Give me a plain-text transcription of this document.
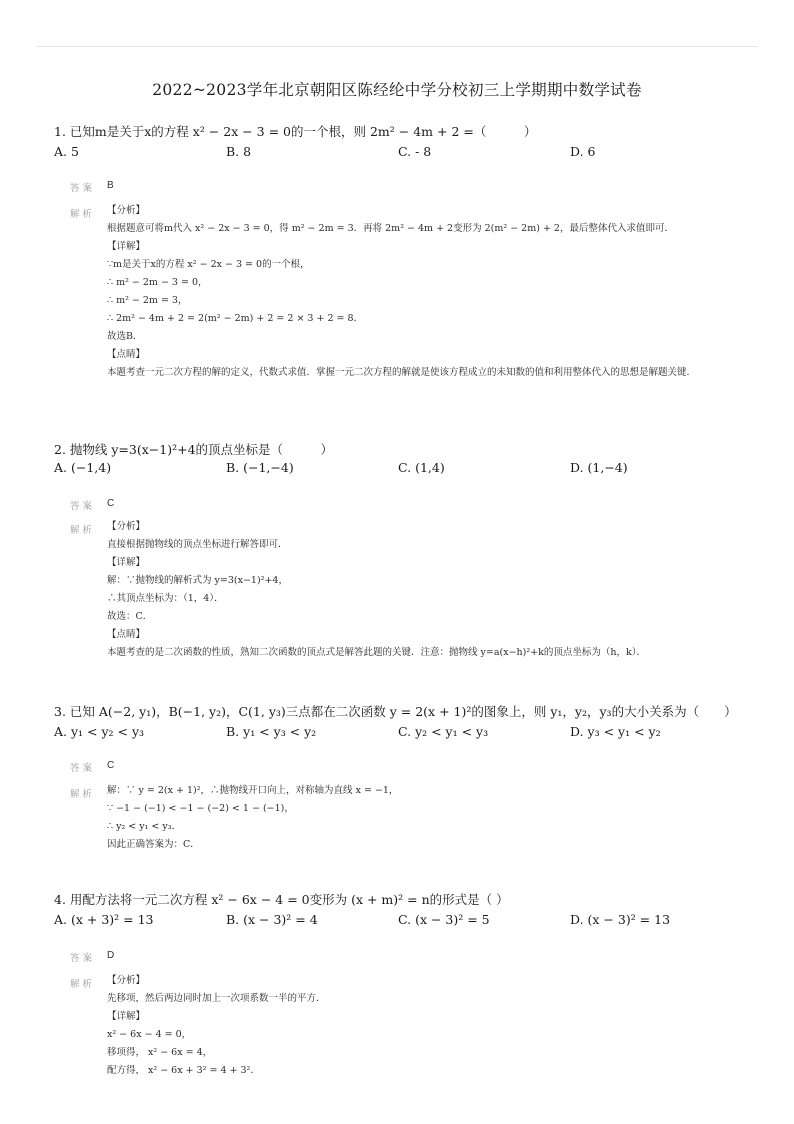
2022~2023学年北京朝阳区陈经纶中学分校初三上学期期中数学试卷
1. 已知m是关于x的方程 x² − 2x − 3 = 0的一个根，则 2m² − 4m + 2 =（　　　）
A. 5	B. 8	C. - 8	D. 6
答案 B
解析 【分析】
根据题意可将m代入 x² − 2x − 3 = 0，得 m² − 2m = 3．再将 2m² − 4m + 2变形为 2(m² − 2m) + 2，最后整体代入求值即可．
【详解】
∵m是关于x的方程 x² − 2x − 3 = 0的一个根，
∴ m² − 2m − 3 = 0，
∴ m² − 2m = 3，
∴ 2m² − 4m + 2 = 2(m² − 2m) + 2 = 2 × 3 + 2 = 8．
故选B．
【点睛】
本题考查一元二次方程的解的定义，代数式求值．掌握一元二次方程的解就是使该方程成立的未知数的值和利用整体代入的思想是解题关键．
2. 抛物线 y=3(x−1)²+4的顶点坐标是（　　　）
A. (−1,4)	B. (−1,−4)	C. (1,4)	D. (1,−4)
答案 C
解析 【分析】
直接根据抛物线的顶点坐标进行解答即可．
【详解】
解：∵抛物线的解析式为 y=3(x−1)²+4，
∴其顶点坐标为：（1，4）．
故选：C．
【点睛】
本题考查的是二次函数的性质，熟知二次函数的顶点式是解答此题的关键．注意：抛物线 y=a(x−h)²+k的顶点坐标为（h，k）．
3. 已知 A(−2, y₁)，B(−1, y₂)，C(1, y₃)三点都在二次函数 y = 2(x + 1)²的图象上，则 y₁，y₂，y₃的大小关系为（　　）
A. y₁ < y₂ < y₃	B. y₁ < y₃ < y₂	C. y₂ < y₁ < y₃	D. y₃ < y₁ < y₂
答案 C
解析 解：∵ y = 2(x + 1)²，∴抛物线开口向上，对称轴为直线 x = −1，
∵ −1 − (−1) < −1 − (−2) < 1 − (−1)，
∴ y₂ < y₁ < y₃．
因此正确答案为：C．
4. 用配方法将一元二次方程 x² − 6x − 4 = 0变形为 (x + m)² = n的形式是（ ）
A. (x + 3)² = 13	B. (x − 3)² = 4	C. (x − 3)² = 5	D. (x − 3)² = 13
答案 D
解析 【分析】
先移项，然后两边同时加上一次项系数一半的平方．
【详解】
x² − 6x − 4 = 0，
移项得， x² − 6x = 4，
配方得， x² − 6x + 3² = 4 + 3²．
